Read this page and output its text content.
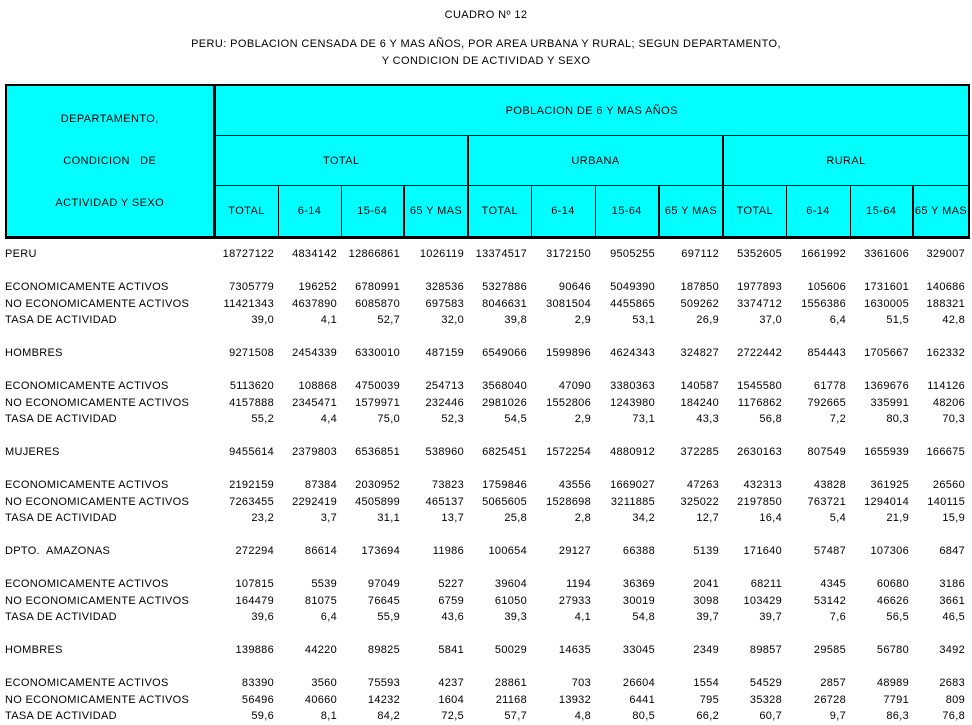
CUADRO Nº 12
PERU: POBLACION CENSADA DE 6 Y MAS AÑOS, POR AREA URBANA Y RURAL; SEGUN DEPARTAMENTO,
Y CONDICION DE ACTIVIDAD Y SEXO

DEPARTAMENTO,

CONDICION   DE

ACTIVIDAD Y SEXO	POBLACION DE 6 Y MAS AÑOS											
	TOTAL				URBANA				RURAL			
	TOTAL	6-14	15-64	65 Y MAS	TOTAL	6-14	15-64	65 Y MAS	TOTAL	6-14	15-64	65 Y MAS
PERU	18727122	4834142	12866861	1026119	13374517	3172150	9505255	697112	5352605	1661992	3361606	329007

ECONOMICAMENTE ACTIVOS	7305779	196252	6780991	328536	5327886	90646	5049390	187850	1977893	105606	1731601	140686
NO ECONOMICAMENTE ACTIVOS	11421343	4637890	6085870	697583	8046631	3081504	4455865	509262	3374712	1556386	1630005	188321
TASA DE ACTIVIDAD	39,0	4,1	52,7	32,0	39,8	2,9	53,1	26,9	37,0	6,4	51,5	42,8

HOMBRES	9271508	2454339	6330010	487159	6549066	1599896	4624343	324827	2722442	854443	1705667	162332

ECONOMICAMENTE ACTIVOS	5113620	108868	4750039	254713	3568040	47090	3380363	140587	1545580	61778	1369676	114126
NO ECONOMICAMENTE ACTIVOS	4157888	2345471	1579971	232446	2981026	1552806	1243980	184240	1176862	792665	335991	48206
TASA DE ACTIVIDAD	55,2	4,4	75,0	52,3	54,5	2,9	73,1	43,3	56,8	7,2	80,3	70,3

MUJERES	9455614	2379803	6536851	538960	6825451	1572254	4880912	372285	2630163	807549	1655939	166675

ECONOMICAMENTE ACTIVOS	2192159	87384	2030952	73823	1759846	43556	1669027	47263	432313	43828	361925	26560
NO ECONOMICAMENTE ACTIVOS	7263455	2292419	4505899	465137	5065605	1528698	3211885	325022	2197850	763721	1294014	140115
TASA DE ACTIVIDAD	23,2	3,7	31,1	13,7	25,8	2,8	34,2	12,7	16,4	5,4	21,9	15,9

DPTO.  AMAZONAS	272294	86614	173694	11986	100654	29127	66388	5139	171640	57487	107306	6847

ECONOMICAMENTE ACTIVOS	107815	5539	97049	5227	39604	1194	36369	2041	68211	4345	60680	3186
NO ECONOMICAMENTE ACTIVOS	164479	81075	76645	6759	61050	27933	30019	3098	103429	53142	46626	3661
TASA DE ACTIVIDAD	39,6	6,4	55,9	43,6	39,3	4,1	54,8	39,7	39,7	7,6	56,5	46,5

HOMBRES	139886	44220	89825	5841	50029	14635	33045	2349	89857	29585	56780	3492

ECONOMICAMENTE ACTIVOS	83390	3560	75593	4237	28861	703	26604	1554	54529	2857	48989	2683
NO ECONOMICAMENTE ACTIVOS	56496	40660	14232	1604	21168	13932	6441	795	35328	26728	7791	809
TASA DE ACTIVIDAD	59,6	8,1	84,2	72,5	57,7	4,8	80,5	66,2	60,7	9,7	86,3	76,8
